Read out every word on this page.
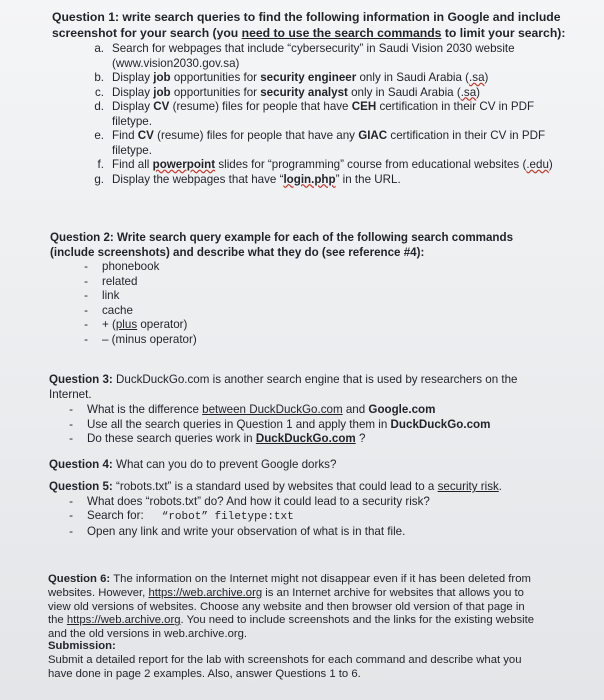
Question 1: write search queries to find the following information in Google and include screenshot for your search (you need to use the search commands to limit your search):
a. Search for webpages that include “cybersecurity” in Saudi Vision 2030 website
(www.vision2030.gov.sa)
b. Display job opportunities for security engineer only in Saudi Arabia (.sa)
c. Display job opportunities for security analyst only in Saudi Arabia (.sa)
d. Display CV (resume) files for people that have CEH certification in their CV in PDF
filetype.
e. Find CV (resume) files for people that have any GIAC certification in their CV in PDF
filetype.
f. Find all powerpoint slides for “programming” course from educational websites (.edu)
g. Display the webpages that have “login.php” in the URL.
Question 2: Write search query example for each of the following search commands (include screenshots) and describe what they do (see reference #4):
-	phonebook
-	related
-	link
-	cache
-	+ (plus operator)
-	– (minus operator)
Question 3: DuckDuckGo.com is another search engine that is used by researchers on the Internet.
-	What is the difference between DuckDuckGo.com and Google.com
-	Use all the search queries in Question 1 and apply them in DuckDuckGo.com
-	Do these search queries work in DuckDuckGo.com ?
Question 4: What can you do to prevent Google dorks?
Question 5: “robots.txt” is a standard used by websites that could lead to a security risk.
-	What does “robots.txt” do? And how it could lead to a security risk?
-	Search for: “robot” filetype:txt
-	Open any link and write your observation of what is in that file.
Question 6: The information on the Internet might not disappear even if it has been deleted from websites. However, https://web.archive.org is an Internet archive for websites that allows you to view old versions of websites. Choose any website and then browser old version of that page in the https://web.archive.org. You need to include screenshots and the links for the existing website and the old versions in web.archive.org.
Submission:
Submit a detailed report for the lab with screenshots for each command and describe what you have done in page 2 examples. Also, answer Questions 1 to 6.
